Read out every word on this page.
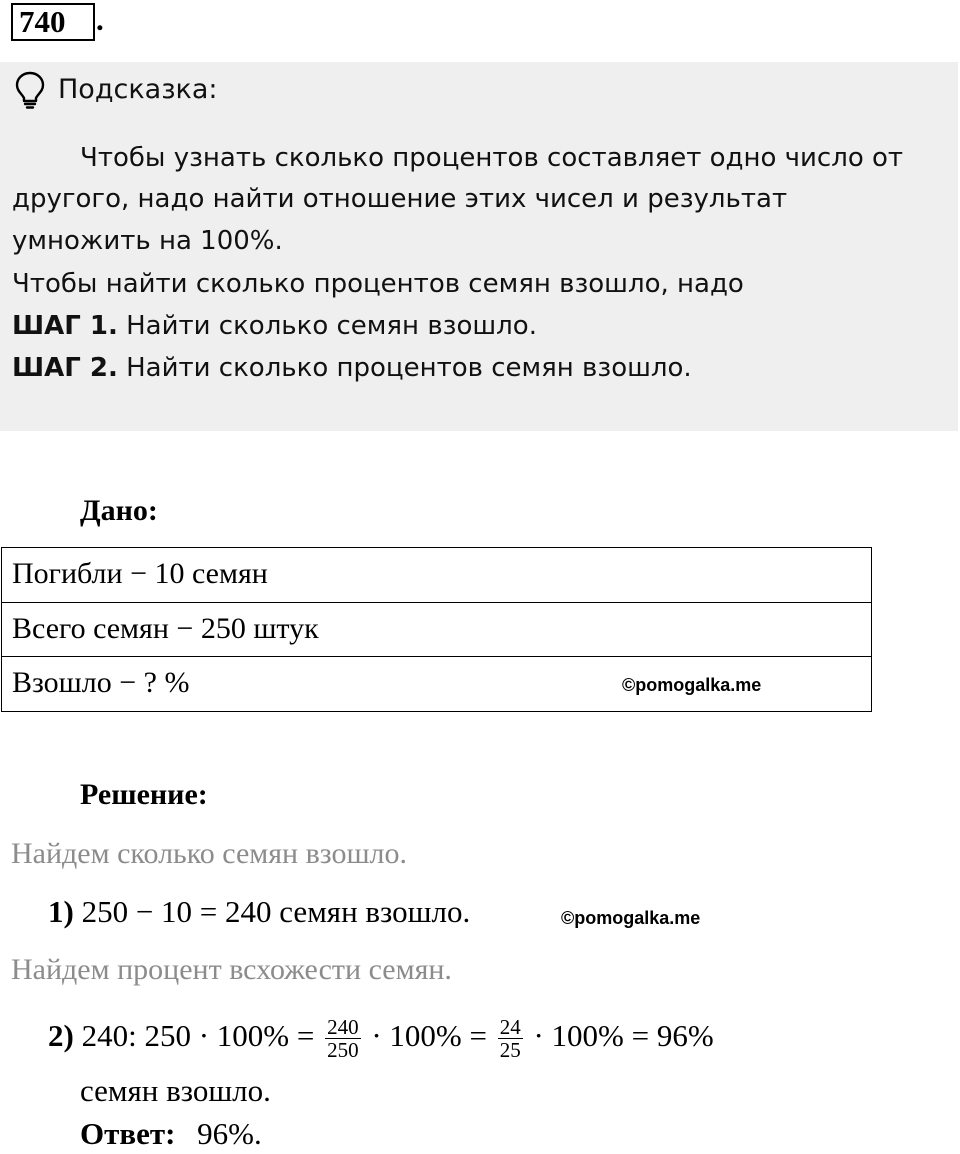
740 .
Подсказка:
Чтобы узнать сколько процентов составляет одно число от
другого, надо найти отношение этих чисел и результат
умножить на 100%.
Чтобы найти сколько процентов семян взошло, надо
ШАГ 1. Найти сколько семян взошло.
ШАГ 2. Найти сколько процентов семян взошло.
Дано:
Погибли − 10 семян
Всего семян − 250 штук
Взошло − ? %	©pomogalka.me
Решение:
Найдем сколько семян взошло.
1) 250 − 10 = 240 семян взошло.	©pomogalka.me
Найдем процент всхожести семян.
2) 240: $250 \cdot 100\% = \frac{240}{250} \cdot 100\% = \frac{24}{25} \cdot 100\% = 96\%$
семян взошло.
Ответ: 96%.
